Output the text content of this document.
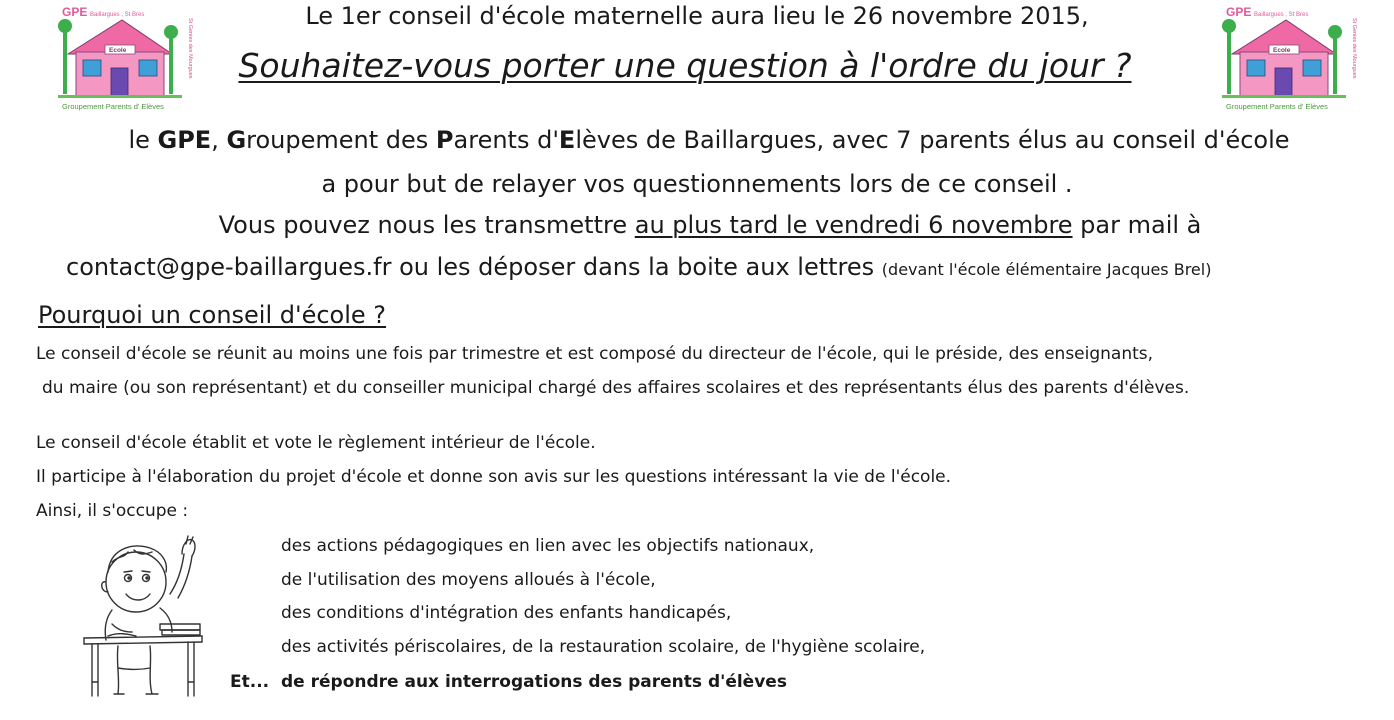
GPE Baillargues , St Bres
St Genies des Mourgues
Ecole
Groupement Parents d' Elèves
GPE Baillargues , St Bres
St Genies des Mourgues
Ecole
Groupement Parents d' Elèves
Le 1er conseil d'école maternelle aura lieu le 26 novembre 2015,
Souhaitez-vous porter une question à l'ordre du jour ?
le GPE, Groupement des Parents d'Elèves de Baillargues, avec 7 parents élus au conseil d'école
a pour but de relayer vos questionnements lors de ce conseil .
Vous pouvez nous les transmettre au plus tard le vendredi 6 novembre par mail à
contact@gpe-baillargues.fr ou les déposer dans la boite aux lettres (devant l'école élémentaire Jacques Brel)
Pourquoi un conseil d'école ?
Le conseil d'école se réunit au moins une fois par trimestre et est composé du directeur de l'école, qui le préside, des enseignants,
du maire (ou son représentant) et du conseiller municipal chargé des affaires scolaires et des représentants élus des parents d'élèves.
Le conseil d'école établit et vote le règlement intérieur de l'école.
Il participe à l'élaboration du projet d'école et donne son avis sur les questions intéressant la vie de l'école.
Ainsi, il s'occupe :
des actions pédagogiques en lien avec les objectifs nationaux,
de l'utilisation des moyens alloués à l'école,
des conditions d'intégration des enfants handicapés,
des activités périscolaires, de la restauration scolaire, de l'hygiène scolaire,
Et... de répondre aux interrogations des parents d'élèves
